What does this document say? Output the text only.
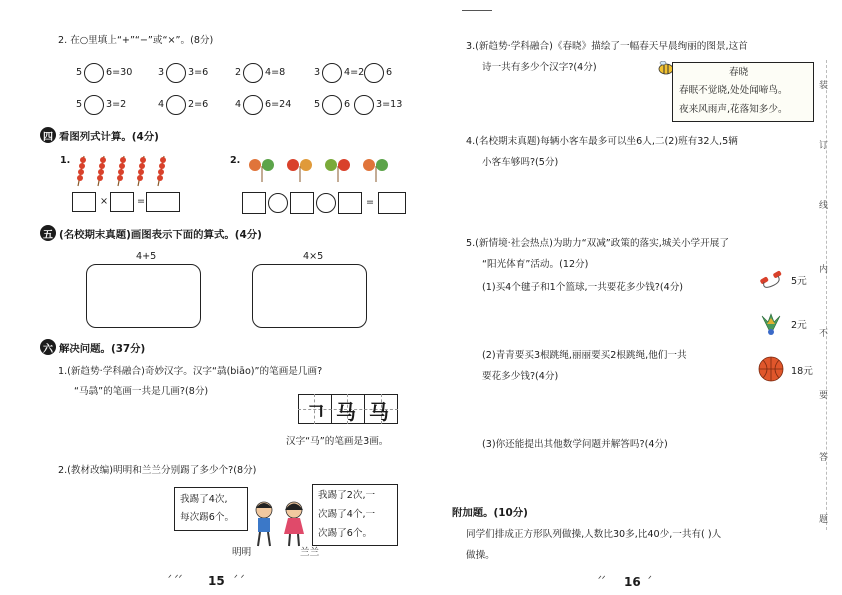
2. 在○里填上“+”“−”或“×”。(8分)
5 6=30	3 3=6	2 4=8	3 4=2 6
5 3=2	4 2=6	4 6=24 5 6	3=13
四 看图列式计算。(4分)
1.
×	=
2.
=
五 (名校期末真题)画图表示下面的算式。(4分)
4+5	4×5
六 解决问题。(37分)
1.(新趋势·学科融合)奇妙汉字。汉字“骉(biāo)”的笔画是几画?
“马骉”的笔画一共是几画?(8分)
𠃍 马 马
汉字“马”的笔画是3画。
2.(教材改编)明明和兰兰分别踢了多少个?(8分)
我踢了4次,
每次踢6个。
我踢了2次,一
次踢了4个,一
次踢了6个。
明明	兰兰
ᐟ ᐟᐟ 15 ᐟ ᐟ
3.(新趋势·学科融合)《春晓》描绘了一幅春天早晨绚丽的图景,这首
诗一共有多少个汉字?(4分)	春晓
春眠不觉晓,处处闻啼鸟。
夜来风雨声,花落知多少。
4.(名校期末真题)每辆小客车最多可以坐6人,二(2)班有32人,5辆
小客车够吗?(5分)
5.(新情境·社会热点)为助力“双减”政策的落实,城关小学开展了
“阳光体育”活动。(12分)
(1)买4个毽子和1个篮球,一共要花多少钱?(4分)
5元
2元
(2)青青要买3根跳绳,丽丽要买2根跳绳,他们一共
要花多少钱?(4分)	18元
(3)你还能提出其他数学问题并解答吗?(4分)
附加题。(10分)
同学们排成正方形队列做操,人数比30多,比40少,一共有( )人
做操。
ᐟᐟ 16 ᐟ
装
订
线
内
不
要
答
题
